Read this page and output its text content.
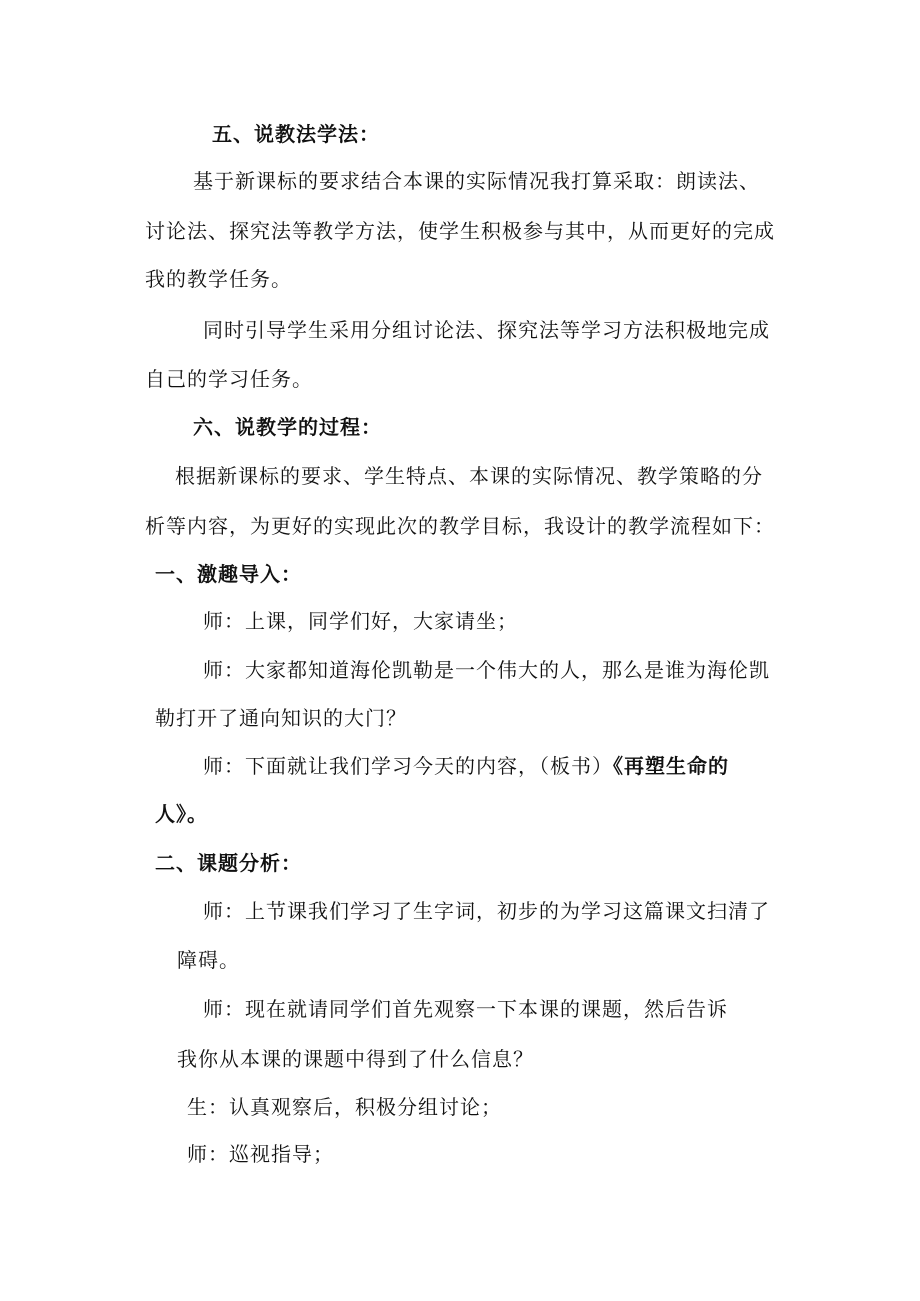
五、说教法学法：
基于新课标的要求结合本课的实际情况我打算采取：朗读法、
讨论法、探究法等教学方法，使学生积极参与其中，从而更好的完成
我的教学任务。
同时引导学生采用分组讨论法、探究法等学习方法积极地完成
自己的学习任务。
六、说教学的过程：
根据新课标的要求、学生特点、本课的实际情况、教学策略的分
析等内容，为更好的实现此次的教学目标，我设计的教学流程如下：
一、激趣导入：
师：上课，同学们好，大家请坐；
师：大家都知道海伦凯勒是一个伟大的人，那么是谁为海伦凯
勒打开了通向知识的大门？
师：下面就让我们学习今天的内容，（板书）《再塑生命的
人》。
二、课题分析：
师：上节课我们学习了生字词，初步的为学习这篇课文扫清了
障碍。
师：现在就请同学们首先观察一下本课的课题，然后告诉
我你从本课的课题中得到了什么信息？
生：认真观察后，积极分组讨论；
师：巡视指导；
